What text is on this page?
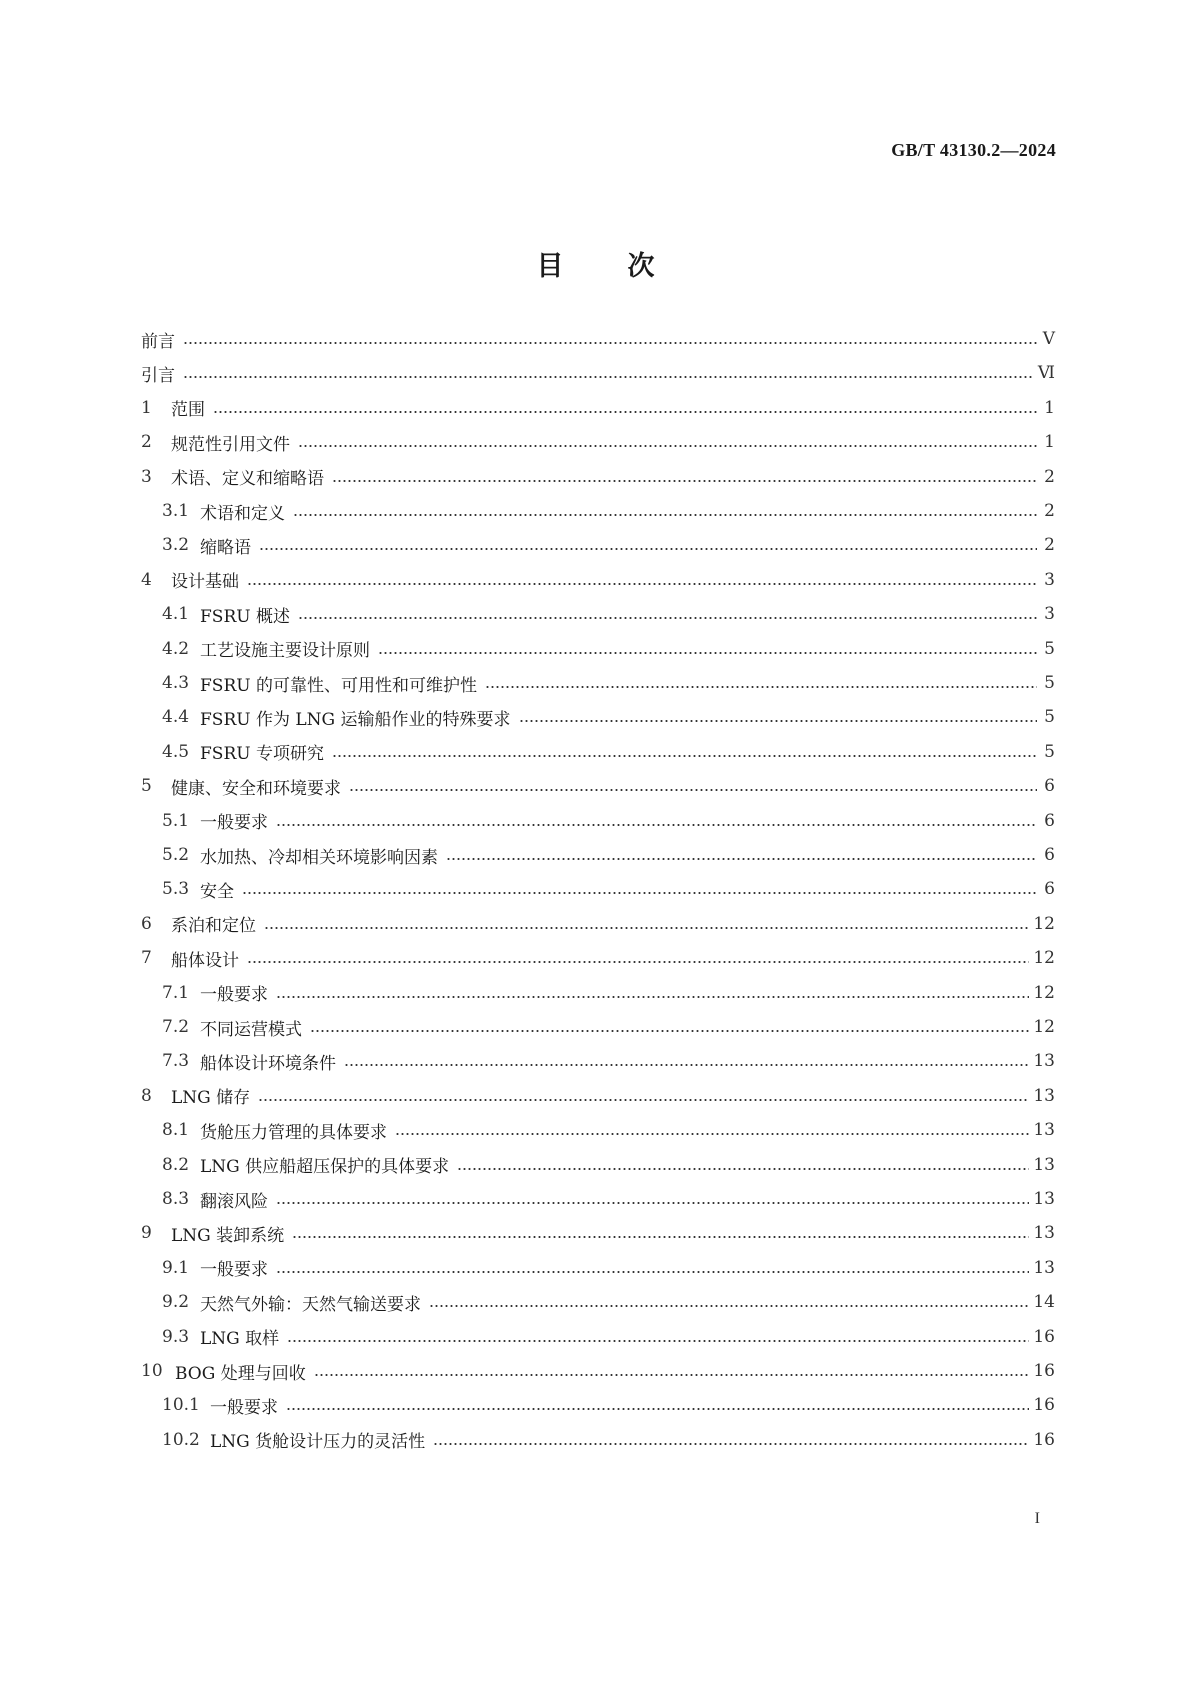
GB/T 43130.2—2024
目 次
前言	Ⅴ
引言	Ⅵ
1	范围	1
2	规范性引用文件	1
3	术语、定义和缩略语	2
3.1 术语和定义	2
3.2 缩略语	2
4	设计基础	3
4.1 FSRU 概述	3
4.2 工艺设施主要设计原则	5
4.3 FSRU 的可靠性、可用性和可维护性	5
4.4 FSRU 作为 LNG 运输船作业的特殊要求	5
4.5 FSRU 专项研究	5
5	健康、安全和环境要求	6
5.1 一般要求	6
5.2 水加热、冷却相关环境影响因素	6
5.3 安全	6
6	系泊和定位	12
7	船体设计	12
7.1 一般要求	12
7.2 不同运营模式	12
7.3 船体设计环境条件	13
8	LNG 储存	13
8.1 货舱压力管理的具体要求	13
8.2 LNG 供应船超压保护的具体要求	13
8.3 翻滚风险	13
9	LNG 装卸系统	13
9.1 一般要求	13
9.2 天然气外输：天然气输送要求	14
9.3 LNG 取样	16
10 BOG 处理与回收	16
10.1 一般要求	16
10.2 LNG 货舱设计压力的灵活性	16
I
